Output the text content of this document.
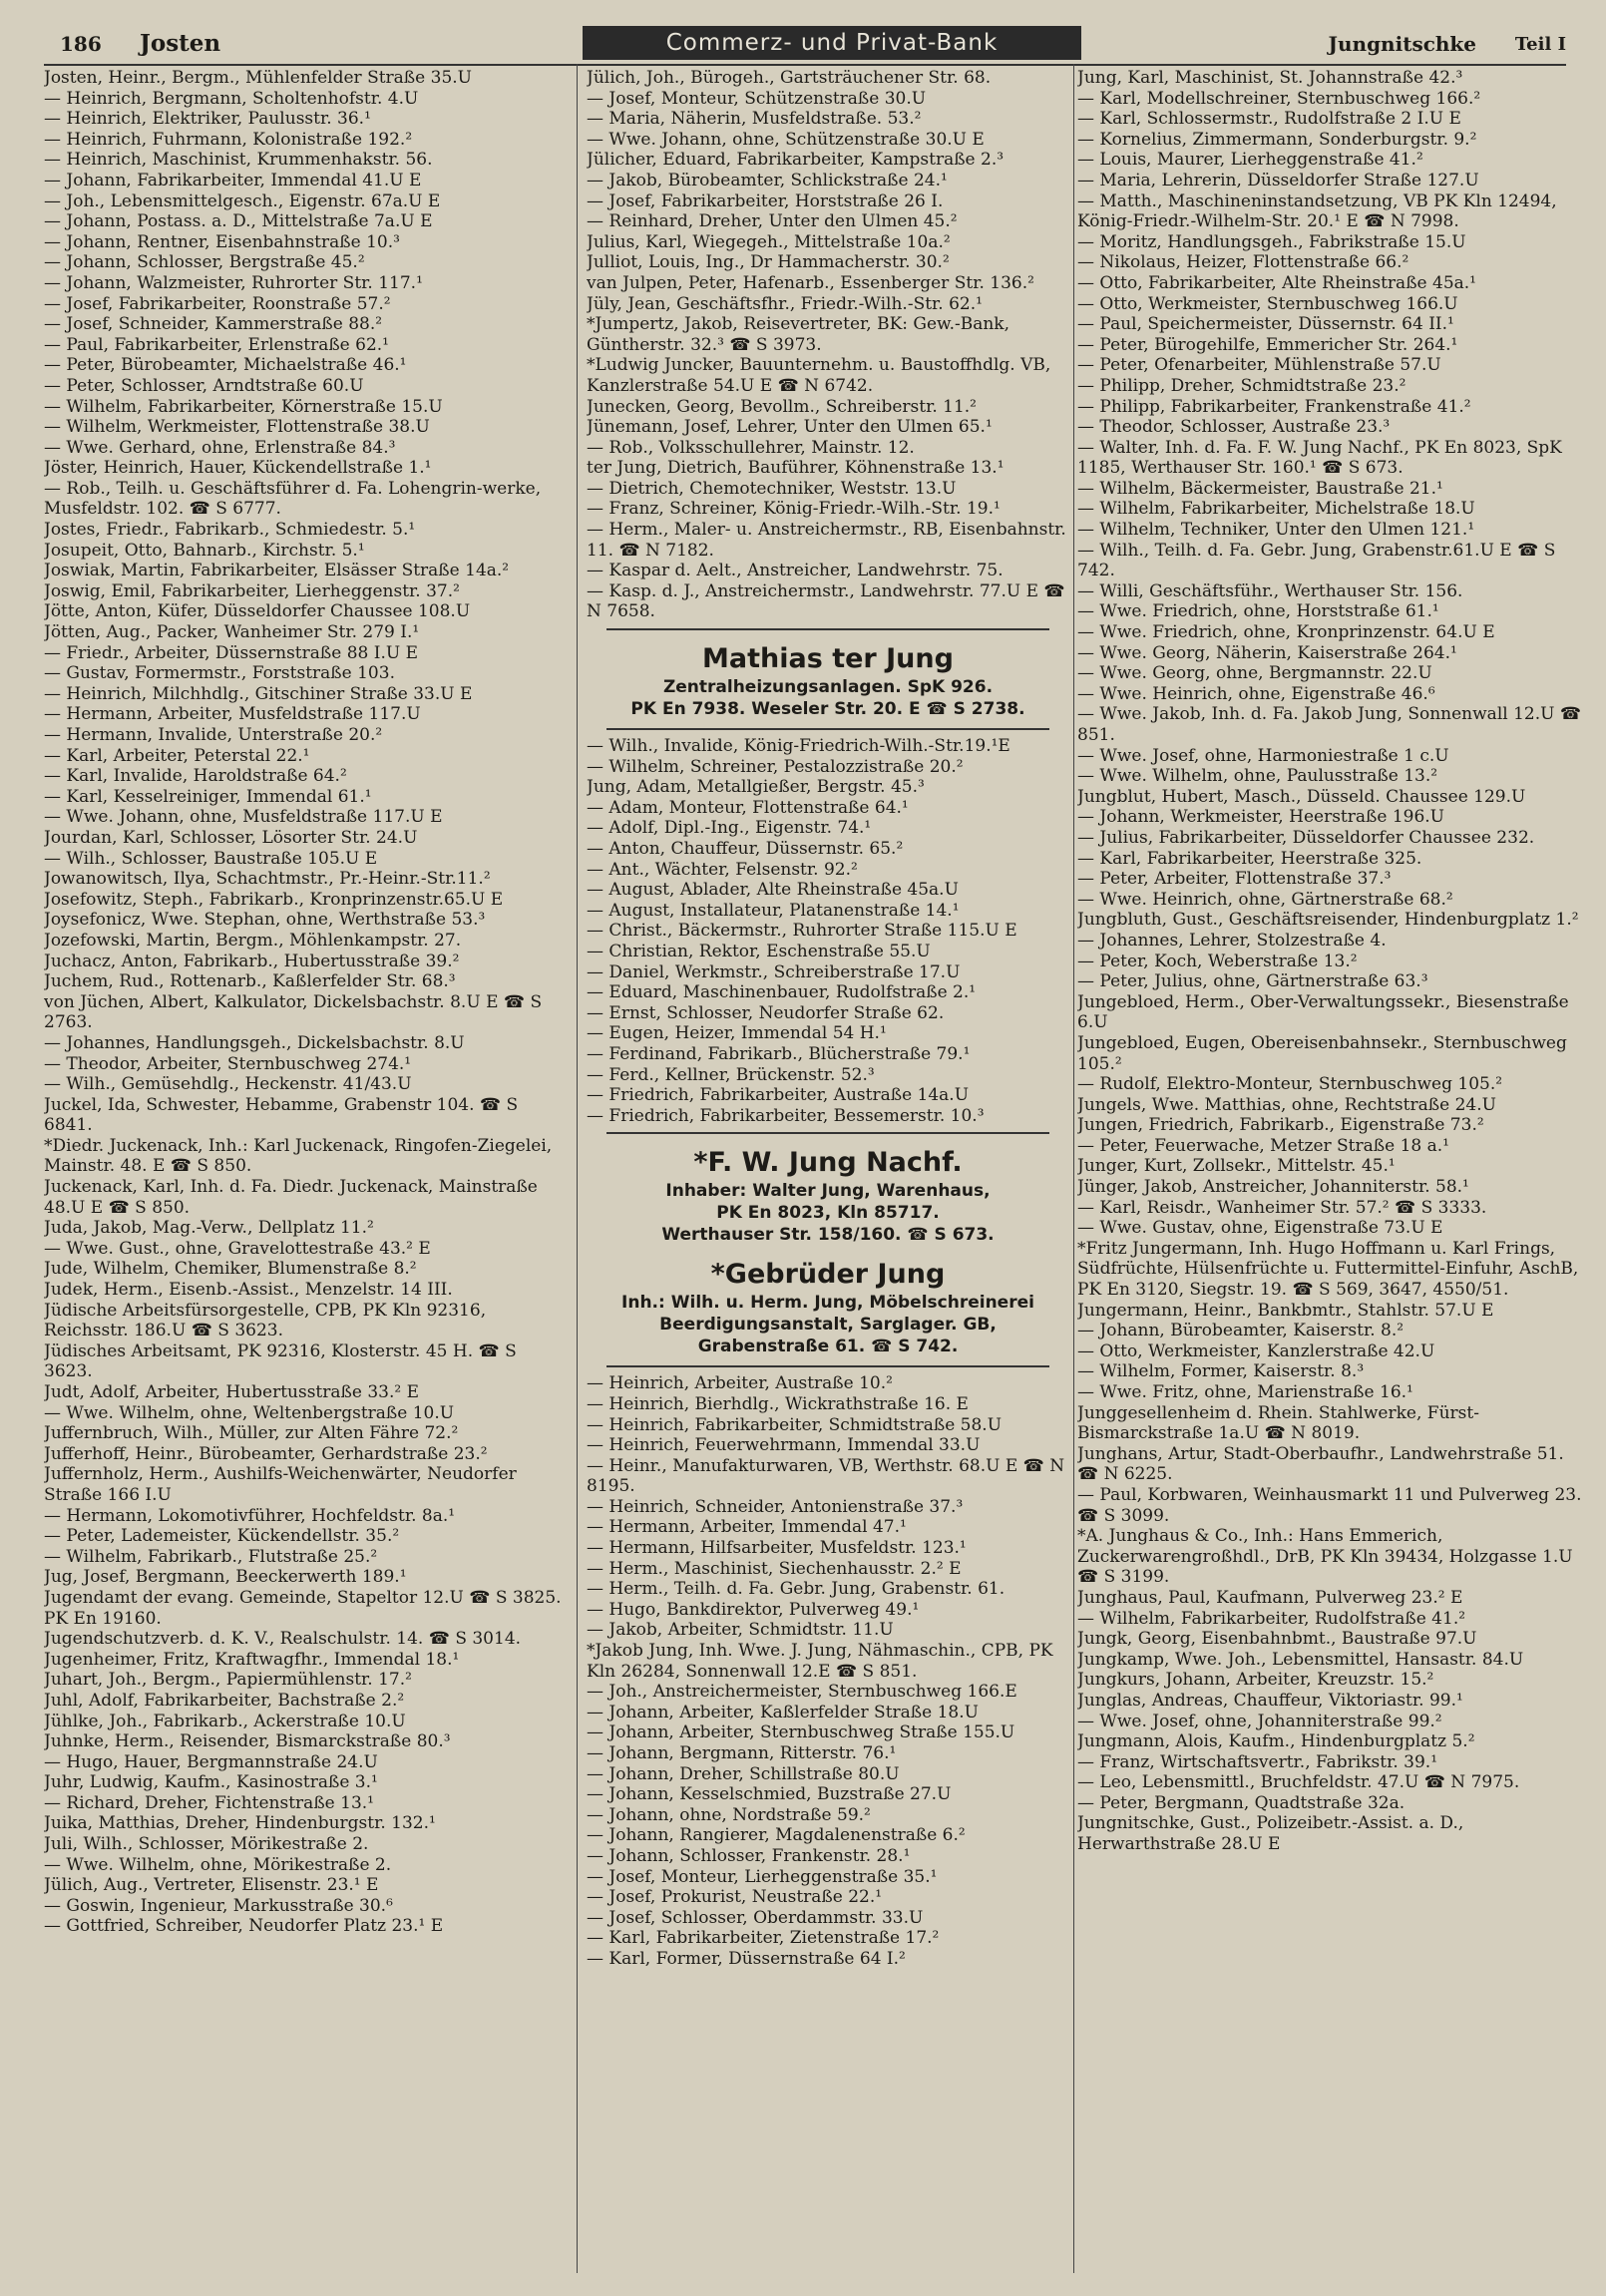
186 Josten	Commerz- und Privat-Bank	Jungnitschke Teil I

Josten, Heinr., Bergm., Mühlenfelder Straße 35.U

— Heinrich, Bergmann, Scholtenhofstr. 4.U

— Heinrich, Elektriker, Paulusstr. 36.¹

— Heinrich, Fuhrmann, Kolonistraße 192.²

— Heinrich, Maschinist, Krummenhakstr. 56.

— Johann, Fabrikarbeiter, Immendal 41.U E

— Joh., Lebensmittelgesch., Eigenstr. 67a.U E

— Johann, Postass. a. D., Mittelstraße 7a.U E

— Johann, Rentner, Eisenbahnstraße 10.³

— Johann, Schlosser, Bergstraße 45.²

— Johann, Walzmeister, Ruhrorter Str. 117.¹

— Josef, Fabrikarbeiter, Roonstraße 57.²

— Josef, Schneider, Kammerstraße 88.²

— Paul, Fabrikarbeiter, Erlenstraße 62.¹

— Peter, Bürobeamter, Michaelstraße 46.¹

— Peter, Schlosser, Arndtstraße 60.U

— Wilhelm, Fabrikarbeiter, Körnerstraße 15.U

— Wilhelm, Werkmeister, Flottenstraße 38.U

— Wwe. Gerhard, ohne, Erlenstraße 84.³

Jöster, Heinrich, Hauer, Kückendellstraße 1.¹

— Rob., Teilh. u. Geschäftsführer d. Fa. Lohengrin-werke, Musfeldstr. 102. ☎ S 6777.

Jostes, Friedr., Fabrikarb., Schmiedestr. 5.¹

Josupeit, Otto, Bahnarb., Kirchstr. 5.¹

Joswiak, Martin, Fabrikarbeiter, Elsässer Straße 14a.²

Joswig, Emil, Fabrikarbeiter, Lierheggenstr. 37.²

Jötte, Anton, Küfer, Düsseldorfer Chaussee 108.U

Jötten, Aug., Packer, Wanheimer Str. 279 I.¹

— Friedr., Arbeiter, Düssernstraße 88 I.U E

— Gustav, Formermstr., Forststraße 103.

— Heinrich, Milchhdlg., Gitschiner Straße 33.U E

— Hermann, Arbeiter, Musfeldstraße 117.U

— Hermann, Invalide, Unterstraße 20.²

— Karl, Arbeiter, Peterstal 22.¹

— Karl, Invalide, Haroldstraße 64.²

— Karl, Kesselreiniger, Immendal 61.¹

— Wwe. Johann, ohne, Musfeldstraße 117.U E

Jourdan, Karl, Schlosser, Lösorter Str. 24.U

— Wilh., Schlosser, Baustraße 105.U E

Jowanowitsch, Ilya, Schachtmstr., Pr.-Heinr.-Str.11.²

Josefowitz, Steph., Fabrikarb., Kronprinzenstr.65.U E

Joysefonicz, Wwe. Stephan, ohne, Werthstraße 53.³

Jozefowski, Martin, Bergm., Möhlenkampstr. 27.

Juchacz, Anton, Fabrikarb., Hubertusstraße 39.²

Juchem, Rud., Rottenarb., Kaßlerfelder Str. 68.³

von Jüchen, Albert, Kalkulator, Dickelsbachstr. 8.U E ☎ S 2763.

— Johannes, Handlungsgeh., Dickelsbachstr. 8.U

— Theodor, Arbeiter, Sternbuschweg 274.¹

— Wilh., Gemüsehdlg., Heckenstr. 41/43.U

Juckel, Ida, Schwester, Hebamme, Grabenstr 104. ☎ S 6841.

*Diedr. Juckenack, Inh.: Karl Juckenack, Ringofen-Ziegelei, Mainstr. 48. E ☎ S 850.

Juckenack, Karl, Inh. d. Fa. Diedr. Juckenack, Mainstraße 48.U E ☎ S 850.

Juda, Jakob, Mag.-Verw., Dellplatz 11.²

— Wwe. Gust., ohne, Gravelottestraße 43.² E

Jude, Wilhelm, Chemiker, Blumenstraße 8.²

Judek, Herm., Eisenb.-Assist., Menzelstr. 14 III.

Jüdische Arbeitsfürsorgestelle, CPB, PK Kln 92316, Reichsstr. 186.U ☎ S 3623.

Jüdisches Arbeitsamt, PK 92316, Klosterstr. 45 H. ☎ S 3623.

Judt, Adolf, Arbeiter, Hubertusstraße 33.² E

— Wwe. Wilhelm, ohne, Weltenbergstraße 10.U

Juffernbruch, Wilh., Müller, zur Alten Fähre 72.²

Jufferhoff, Heinr., Bürobeamter, Gerhardstraße 23.²

Juffernholz, Herm., Aushilfs-Weichenwärter, Neudorfer Straße 166 I.U

— Hermann, Lokomotivführer, Hochfeldstr. 8a.¹

— Peter, Lademeister, Kückendellstr. 35.²

— Wilhelm, Fabrikarb., Flutstraße 25.²

Jug, Josef, Bergmann, Beeckerwerth 189.¹

Jugendamt der evang. Gemeinde, Stapeltor 12.U ☎ S 3825. PK En 19160.

Jugendschutzverb. d. K. V., Realschulstr. 14. ☎ S 3014.

Jugenheimer, Fritz, Kraftwagfhr., Immendal 18.¹

Juhart, Joh., Bergm., Papiermühlenstr. 17.²

Juhl, Adolf, Fabrikarbeiter, Bachstraße 2.²

Jühlke, Joh., Fabrikarb., Ackerstraße 10.U

Juhnke, Herm., Reisender, Bismarckstraße 80.³

— Hugo, Hauer, Bergmannstraße 24.U

Juhr, Ludwig, Kaufm., Kasinostraße 3.¹

— Richard, Dreher, Fichtenstraße 13.¹

Juika, Matthias, Dreher, Hindenburgstr. 132.¹

Juli, Wilh., Schlosser, Mörikestraße 2.

— Wwe. Wilhelm, ohne, Mörikestraße 2.

Jülich, Aug., Vertreter, Elisenstr. 23.¹ E

— Goswin, Ingenieur, Markusstraße 30.⁶

— Gottfried, Schreiber, Neudorfer Platz 23.¹ E

Jülich, Joh., Bürogeh., Gartsträuchener Str. 68.

— Josef, Monteur, Schützenstraße 30.U

— Maria, Näherin, Musfeldstraße. 53.²

— Wwe. Johann, ohne, Schützenstraße 30.U E

Jülicher, Eduard, Fabrikarbeiter, Kampstraße 2.³

— Jakob, Bürobeamter, Schlickstraße 24.¹

— Josef, Fabrikarbeiter, Horststraße 26 I.

— Reinhard, Dreher, Unter den Ulmen 45.²

Julius, Karl, Wiegegeh., Mittelstraße 10a.²

Julliot, Louis, Ing., Dr Hammacherstr. 30.²

van Julpen, Peter, Hafenarb., Essenberger Str. 136.²

Jüly, Jean, Geschäftsfhr., Friedr.-Wilh.-Str. 62.¹

*Jumpertz, Jakob, Reisevertreter, BK: Gew.-Bank, Güntherstr. 32.³ ☎ S 3973.

*Ludwig Juncker, Bauunternehm. u. Baustoffhdlg. VB, Kanzlerstraße 54.U E ☎ N 6742.

Junecken, Georg, Bevollm., Schreiberstr. 11.²

Jünemann, Josef, Lehrer, Unter den Ulmen 65.¹

— Rob., Volksschullehrer, Mainstr. 12.

ter Jung, Dietrich, Bauführer, Köhnenstraße 13.¹

— Dietrich, Chemotechniker, Weststr. 13.U

— Franz, Schreiner, König-Friedr.-Wilh.-Str. 19.¹

— Herm., Maler- u. Anstreichermstr., RB, Eisenbahnstr. 11. ☎ N 7182.

— Kaspar d. Aelt., Anstreicher, Landwehrstr. 75.

— Kasp. d. J., Anstreichermstr., Landwehrstr. 77.U E ☎ N 7658.

Mathias ter Jung
Zentralheizungsanlagen. SpK 926.
PK En 7938. Weseler Str. 20. E ☎ S 2738.

— Wilh., Invalide, König-Friedrich-Wilh.-Str.19.¹E

— Wilhelm, Schreiner, Pestalozzistraße 20.²

Jung, Adam, Metallgießer, Bergstr. 45.³

— Adam, Monteur, Flottenstraße 64.¹

— Adolf, Dipl.-Ing., Eigenstr. 74.¹

— Anton, Chauffeur, Düssernstr. 65.²

— Ant., Wächter, Felsenstr. 92.²

— August, Ablader, Alte Rheinstraße 45a.U

— August, Installateur, Platanenstraße 14.¹

— Christ., Bäckermstr., Ruhrorter Straße 115.U E

— Christian, Rektor, Eschenstraße 55.U

— Daniel, Werkmstr., Schreiberstraße 17.U

— Eduard, Maschinenbauer, Rudolfstraße 2.¹

— Ernst, Schlosser, Neudorfer Straße 62.

— Eugen, Heizer, Immendal 54 H.¹

— Ferdinand, Fabrikarb., Blücherstraße 79.¹

— Ferd., Kellner, Brückenstr. 52.³

— Friedrich, Fabrikarbeiter, Austraße 14a.U

— Friedrich, Fabrikarbeiter, Bessemerstr. 10.³

*F. W. Jung Nachf.
Inhaber: Walter Jung, Warenhaus,
PK En 8023, Kln 85717.
Werthauser Str. 158/160. ☎ S 673.
*Gebrüder Jung
Inh.: Wilh. u. Herm. Jung, Möbelschreinerei
Beerdigungsanstalt, Sarglager. GB,
Grabenstraße 61. ☎ S 742.

— Heinrich, Arbeiter, Austraße 10.²

— Heinrich, Bierhdlg., Wickrathstraße 16. E

— Heinrich, Fabrikarbeiter, Schmidtstraße 58.U

— Heinrich, Feuerwehrmann, Immendal 33.U

— Heinr., Manufakturwaren, VB, Werthstr. 68.U E ☎ N 8195.

— Heinrich, Schneider, Antonienstraße 37.³

— Hermann, Arbeiter, Immendal 47.¹

— Hermann, Hilfsarbeiter, Musfeldstr. 123.¹

— Herm., Maschinist, Siechenhausstr. 2.² E

— Herm., Teilh. d. Fa. Gebr. Jung, Grabenstr. 61.

— Hugo, Bankdirektor, Pulverweg 49.¹

— Jakob, Arbeiter, Schmidtstr. 11.U

*Jakob Jung, Inh. Wwe. J. Jung, Nähmaschin., CPB, PK Kln 26284, Sonnenwall 12.E ☎ S 851.

— Joh., Anstreichermeister, Sternbuschweg 166.E

— Johann, Arbeiter, Kaßlerfelder Straße 18.U

— Johann, Arbeiter, Sternbuschweg Straße 155.U

— Johann, Bergmann, Ritterstr. 76.¹

— Johann, Dreher, Schillstraße 80.U

— Johann, Kesselschmied, Buzstraße 27.U

— Johann, ohne, Nordstraße 59.²

— Johann, Rangierer, Magdalenenstraße 6.²

— Johann, Schlosser, Frankenstr. 28.¹

— Josef, Monteur, Lierheggenstraße 35.¹

— Josef, Prokurist, Neustraße 22.¹

— Josef, Schlosser, Oberdammstr. 33.U

— Karl, Fabrikarbeiter, Zietenstraße 17.²

— Karl, Former, Düssernstraße 64 I.²

Jung, Karl, Maschinist, St. Johannstraße 42.³

— Karl, Modellschreiner, Sternbuschweg 166.²

— Karl, Schlossermstr., Rudolfstraße 2 I.U E

— Kornelius, Zimmermann, Sonderburgstr. 9.²

— Louis, Maurer, Lierheggenstraße 41.²

— Maria, Lehrerin, Düsseldorfer Straße 127.U

— Matth., Maschineninstandsetzung, VB PK Kln 12494, König-Friedr.-Wilhelm-Str. 20.¹ E ☎ N 7998.

— Moritz, Handlungsgeh., Fabrikstraße 15.U

— Nikolaus, Heizer, Flottenstraße 66.²

— Otto, Fabrikarbeiter, Alte Rheinstraße 45a.¹

— Otto, Werkmeister, Sternbuschweg 166.U

— Paul, Speichermeister, Düssernstr. 64 II.¹

— Peter, Bürogehilfe, Emmericher Str. 264.¹

— Peter, Ofenarbeiter, Mühlenstraße 57.U

— Philipp, Dreher, Schmidtstraße 23.²

— Philipp, Fabrikarbeiter, Frankenstraße 41.²

— Theodor, Schlosser, Austraße 23.³

— Walter, Inh. d. Fa. F. W. Jung Nachf., PK En 8023, SpK 1185, Werthauser Str. 160.¹ ☎ S 673.

— Wilhelm, Bäckermeister, Baustraße 21.¹

— Wilhelm, Fabrikarbeiter, Michelstraße 18.U

— Wilhelm, Techniker, Unter den Ulmen 121.¹

— Wilh., Teilh. d. Fa. Gebr. Jung, Grabenstr.61.U E ☎ S 742.

— Willi, Geschäftsführ., Werthauser Str. 156.

— Wwe. Friedrich, ohne, Horststraße 61.¹

— Wwe. Friedrich, ohne, Kronprinzenstr. 64.U E

— Wwe. Georg, Näherin, Kaiserstraße 264.¹

— Wwe. Georg, ohne, Bergmannstr. 22.U

— Wwe. Heinrich, ohne, Eigenstraße 46.⁶

— Wwe. Jakob, Inh. d. Fa. Jakob Jung, Sonnenwall 12.U ☎ 851.

— Wwe. Josef, ohne, Harmoniestraße 1 c.U

— Wwe. Wilhelm, ohne, Paulusstraße 13.²

Jungblut, Hubert, Masch., Düsseld. Chaussee 129.U

— Johann, Werkmeister, Heerstraße 196.U

— Julius, Fabrikarbeiter, Düsseldorfer Chaussee 232.

— Karl, Fabrikarbeiter, Heerstraße 325.

— Peter, Arbeiter, Flottenstraße 37.³

— Wwe. Heinrich, ohne, Gärtnerstraße 68.²

Jungbluth, Gust., Geschäftsreisender, Hindenburgplatz 1.²

— Johannes, Lehrer, Stolzestraße 4.

— Peter, Koch, Weberstraße 13.²

— Peter, Julius, ohne, Gärtnerstraße 63.³

Jungebloed, Herm., Ober-Verwaltungssekr., Biesenstraße 6.U

Jungebloed, Eugen, Obereisenbahnsekr., Sternbuschweg 105.²

— Rudolf, Elektro-Monteur, Sternbuschweg 105.²

Jungels, Wwe. Matthias, ohne, Rechtstraße 24.U

Jungen, Friedrich, Fabrikarb., Eigenstraße 73.²

— Peter, Feuerwache, Metzer Straße 18 a.¹

Junger, Kurt, Zollsekr., Mittelstr. 45.¹

Jünger, Jakob, Anstreicher, Johanniterstr. 58.¹

— Karl, Reisdr., Wanheimer Str. 57.² ☎ S 3333.

— Wwe. Gustav, ohne, Eigenstraße 73.U E

*Fritz Jungermann, Inh. Hugo Hoffmann u. Karl Frings, Südfrüchte, Hülsenfrüchte u. Futtermittel-Einfuhr, AschB, PK En 3120, Siegstr. 19. ☎ S 569, 3647, 4550/51.

Jungermann, Heinr., Bankbmtr., Stahlstr. 57.U E

— Johann, Bürobeamter, Kaiserstr. 8.²

— Otto, Werkmeister, Kanzlerstraße 42.U

— Wilhelm, Former, Kaiserstr. 8.³

— Wwe. Fritz, ohne, Marienstraße 16.¹

Junggesellenheim d. Rhein. Stahlwerke, Fürst-Bismarckstraße 1a.U ☎ N 8019.

Junghans, Artur, Stadt-Oberbaufhr., Landwehrstraße 51. ☎ N 6225.

— Paul, Korbwaren, Weinhausmarkt 11 und Pulverweg 23. ☎ S 3099.

*A. Junghaus & Co., Inh.: Hans Emmerich, Zuckerwarengroßhdl., DrB, PK Kln 39434, Holzgasse 1.U ☎ S 3199.

Junghaus, Paul, Kaufmann, Pulverweg 23.² E

— Wilhelm, Fabrikarbeiter, Rudolfstraße 41.²

Jungk, Georg, Eisenbahnbmt., Baustraße 97.U

Jungkamp, Wwe. Joh., Lebensmittel, Hansastr. 84.U

Jungkurs, Johann, Arbeiter, Kreuzstr. 15.²

Junglas, Andreas, Chauffeur, Viktoriastr. 99.¹

— Wwe. Josef, ohne, Johanniterstraße 99.²

Jungmann, Alois, Kaufm., Hindenburgplatz 5.²

— Franz, Wirtschaftsvertr., Fabrikstr. 39.¹

— Leo, Lebensmittl., Bruchfeldstr. 47.U ☎ N 7975.

— Peter, Bergmann, Quadtstraße 32a.

Jungnitschke, Gust., Polizeibetr.-Assist. a. D., Herwarthstraße 28.U E
